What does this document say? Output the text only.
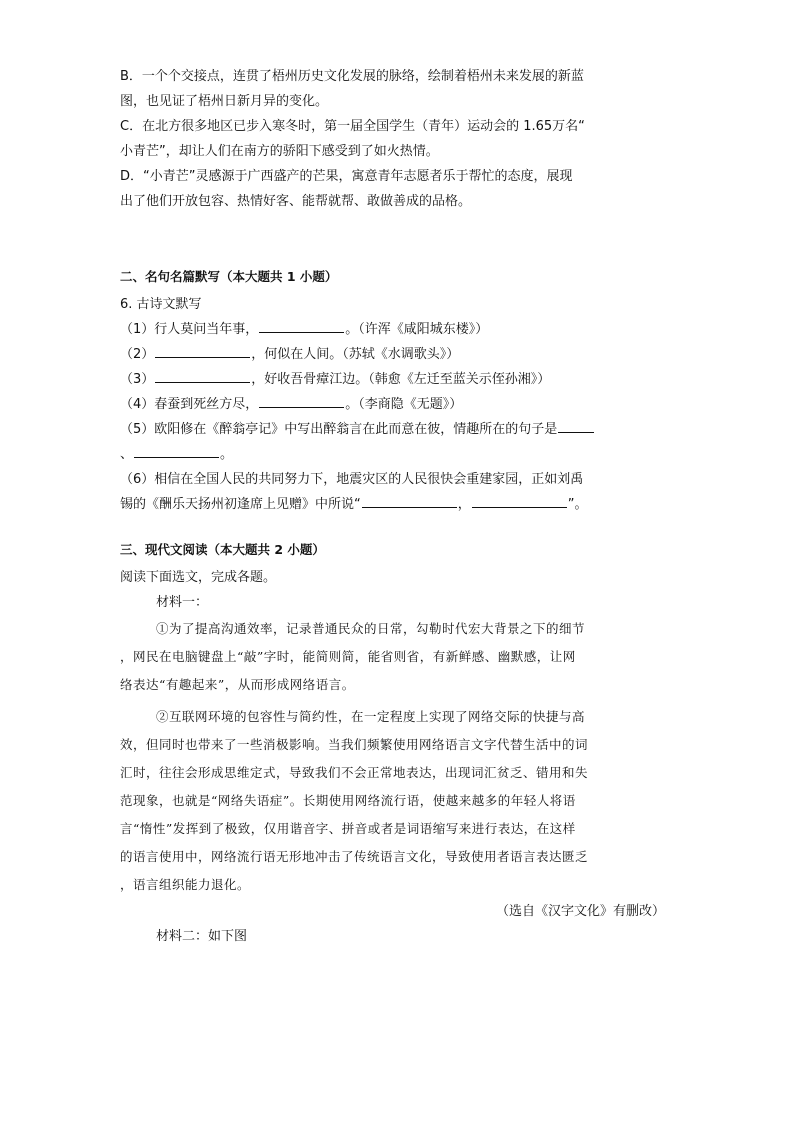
B．一个个交接点，连贯了梧州历史文化发展的脉络，绘制着梧州未来发展的新蓝
图，也见证了梧州日新月异的变化。
C．在北方很多地区已步入寒冬时，第一届全国学生（青年）运动会的 1.65万名“
小青芒”，却让人们在南方的骄阳下感受到了如火热情。
D．“小青芒”灵感源于广西盛产的芒果，寓意青年志愿者乐于帮忙的态度，展现
出了他们开放包容、热情好客、能帮就帮、敢做善成的品格。
二、名句名篇默写（本大题共 1 小题）
6. 古诗文默写
（1）行人莫问当年事，	。（许浑《咸阳城东楼》）
（2）	，何似在人间。（苏轼《水调歌头》）
（3）	，好收吾骨瘴江边。（韩愈《左迁至蓝关示侄孙湘》）
（4）春蚕到死丝方尽，	。（李商隐《无题》）
（5）欧阳修在《醉翁亭记》中写出醉翁言在此而意在彼，情趣所在的句子是
、	。
（6）相信在全国人民的共同努力下，地震灾区的人民很快会重建家园，正如刘禹
锡的《酬乐天扬州初逢席上见赠》中所说“	，	”。
三、现代文阅读（本大题共 2 小题）
阅读下面选文，完成各题。
材料一：
①为了提高沟通效率，记录普通民众的日常，勾勒时代宏大背景之下的细节
，网民在电脑键盘上“敲”字时，能简则简，能省则省，有新鲜感、幽默感，让网
络表达“有趣起来”，从而形成网络语言。
②互联网环境的包容性与简约性，在一定程度上实现了网络交际的快捷与高
效，但同时也带来了一些消极影响。当我们频繁使用网络语言文字代替生活中的词
汇时，往往会形成思维定式，导致我们不会正常地表达，出现词汇贫乏、错用和失
范现象，也就是“网络失语症”。长期使用网络流行语，使越来越多的年轻人将语
言“惰性”发挥到了极致，仅用谐音字、拼音或者是词语缩写来进行表达，在这样
的语言使用中，网络流行语无形地冲击了传统语言文化，导致使用者语言表达匮乏
，语言组织能力退化。
（选自《汉字文化》有删改）
材料二：如下图
